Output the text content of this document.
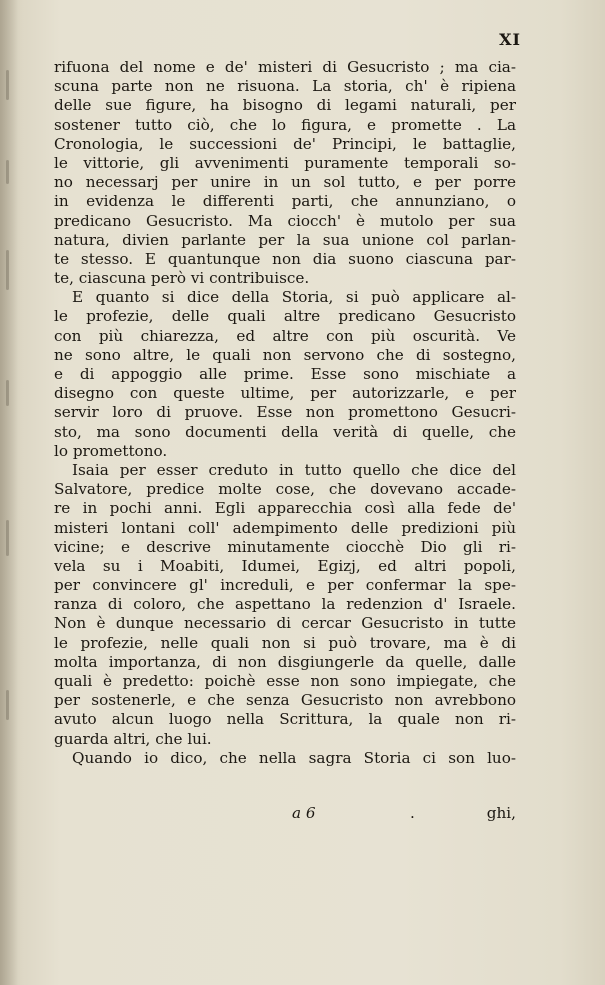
XI
rifuona del nome e de' misteri di Gesucristo ; ma cia-
scuna parte non ne risuona. La storia, ch' è ripiena
delle sue figure, ha bisogno di legami naturali, per
sostener tutto ciò, che lo figura, e promette . La
Cronologia, le successioni de' Principi, le battaglie,
le vittorie, gli avvenimenti puramente temporali so-
no necessarj per unire in un sol tutto, e per porre
in evidenza le differenti parti, che annunziano, o
predicano Gesucristo. Ma ciocch' è mutolo per sua
natura, divien parlante per la sua unione col parlan-
te stesso. E quantunque non dia suono ciascuna par-
te, ciascuna però vi contribuisce.
E quanto si dice della Storia, si può applicare al-
le profezie, delle quali altre predicano Gesucristo
con più chiarezza, ed altre con più oscurità. Ve
ne sono altre, le quali non servono che di sostegno,
e di appoggio alle prime. Esse sono mischiate a
disegno con queste ultime, per autorizzarle, e per
servir loro di pruove. Esse non promettono Gesucri-
sto, ma sono documenti della verità di quelle, che
lo promettono.
Isaia per esser creduto in tutto quello che dice del
Salvatore, predice molte cose, che dovevano accade-
re in pochi anni. Egli apparecchia così alla fede de'
misteri lontani coll' adempimento delle predizioni più
vicine; e descrive minutamente ciocchè Dio gli ri-
vela su i Moabiti, Idumei, Egizj, ed altri popoli,
per convincere gl' increduli, e per confermar la spe-
ranza di coloro, che aspettano la redenzion d' Israele.
Non è dunque necessario di cercar Gesucristo in tutte
le profezie, nelle quali non si può trovare, ma è di
molta importanza, di non disgiungerle da quelle, dalle
quali è predetto: poichè esse non sono impiegate, che
per sostenerle, e che senza Gesucristo non avrebbono
avuto alcun luogo nella Scrittura, la quale non ri-
guarda altri, che lui.
Quando io dico, che nella sagra Storia ci son luo-
a 6	.	ghi,
